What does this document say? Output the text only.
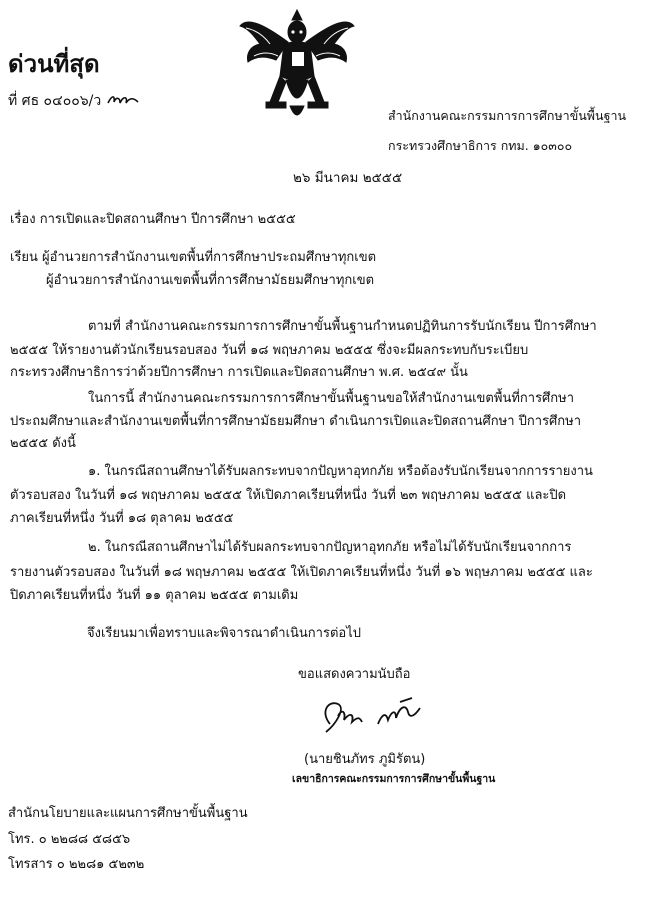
ด่วนที่สุด
ที่ ศธ ๐๔๐๐๖/ว
สำนักงานคณะกรรมการการศึกษาขั้นพื้นฐาน
กระทรวงศึกษาธิการ กทม. ๑๐๓๐๐
๒๖ มีนาคม ๒๕๕๕
เรื่อง การเปิดและปิดสถานศึกษา ปีการศึกษา ๒๕๕๕
เรียน ผู้อำนวยการสำนักงานเขตพื้นที่การศึกษาประถมศึกษาทุกเขต
ผู้อำนวยการสำนักงานเขตพื้นที่การศึกษามัธยมศึกษาทุกเขต
ตามที่ สำนักงานคณะกรรมการการศึกษาขั้นพื้นฐานกำหนดปฏิทินการรับนักเรียน ปีการศึกษา
๒๕๕๕ ให้รายงานตัวนักเรียนรอบสอง วันที่ ๑๘ พฤษภาคม ๒๕๕๕ ซึ่งจะมีผลกระทบกับระเบียบ
กระทรวงศึกษาธิการว่าด้วยปีการศึกษา การเปิดและปิดสถานศึกษา พ.ศ. ๒๕๔๙ นั้น
ในการนี้ สำนักงานคณะกรรมการการศึกษาขั้นพื้นฐานขอให้สำนักงานเขตพื้นที่การศึกษา
ประถมศึกษาและสำนักงานเขตพื้นที่การศึกษามัธยมศึกษา ดำเนินการเปิดและปิดสถานศึกษา ปีการศึกษา
๒๕๕๕ ดังนี้
๑. ในกรณีสถานศึกษาได้รับผลกระทบจากปัญหาอุทกภัย หรือต้องรับนักเรียนจากการรายงาน
ตัวรอบสอง ในวันที่ ๑๘ พฤษภาคม ๒๕๕๕ ให้เปิดภาคเรียนที่หนึ่ง วันที่ ๒๓ พฤษภาคม ๒๕๕๕ และปิด
ภาคเรียนที่หนึ่ง วันที่ ๑๘ ตุลาคม ๒๕๕๕
๒. ในกรณีสถานศึกษาไม่ได้รับผลกระทบจากปัญหาอุทกภัย หรือไม่ได้รับนักเรียนจากการ
รายงานตัวรอบสอง ในวันที่ ๑๘ พฤษภาคม ๒๕๕๕ ให้เปิดภาคเรียนที่หนึ่ง วันที่ ๑๖ พฤษภาคม ๒๕๕๕ และ
ปิดภาคเรียนที่หนึ่ง วันที่ ๑๑ ตุลาคม ๒๕๕๕ ตามเดิม
จึงเรียนมาเพื่อทราบและพิจารณาดำเนินการต่อไป
ขอแสดงความนับถือ
(นายชินภัทร ภูมิรัตน)
เลขาธิการคณะกรรมการการศึกษาขั้นพื้นฐาน
สำนักนโยบายและแผนการศึกษาขั้นพื้นฐาน
โทร. ๐ ๒๒๘๘ ๕๘๕๖
โทรสาร ๐ ๒๒๘๑ ๕๒๓๒
